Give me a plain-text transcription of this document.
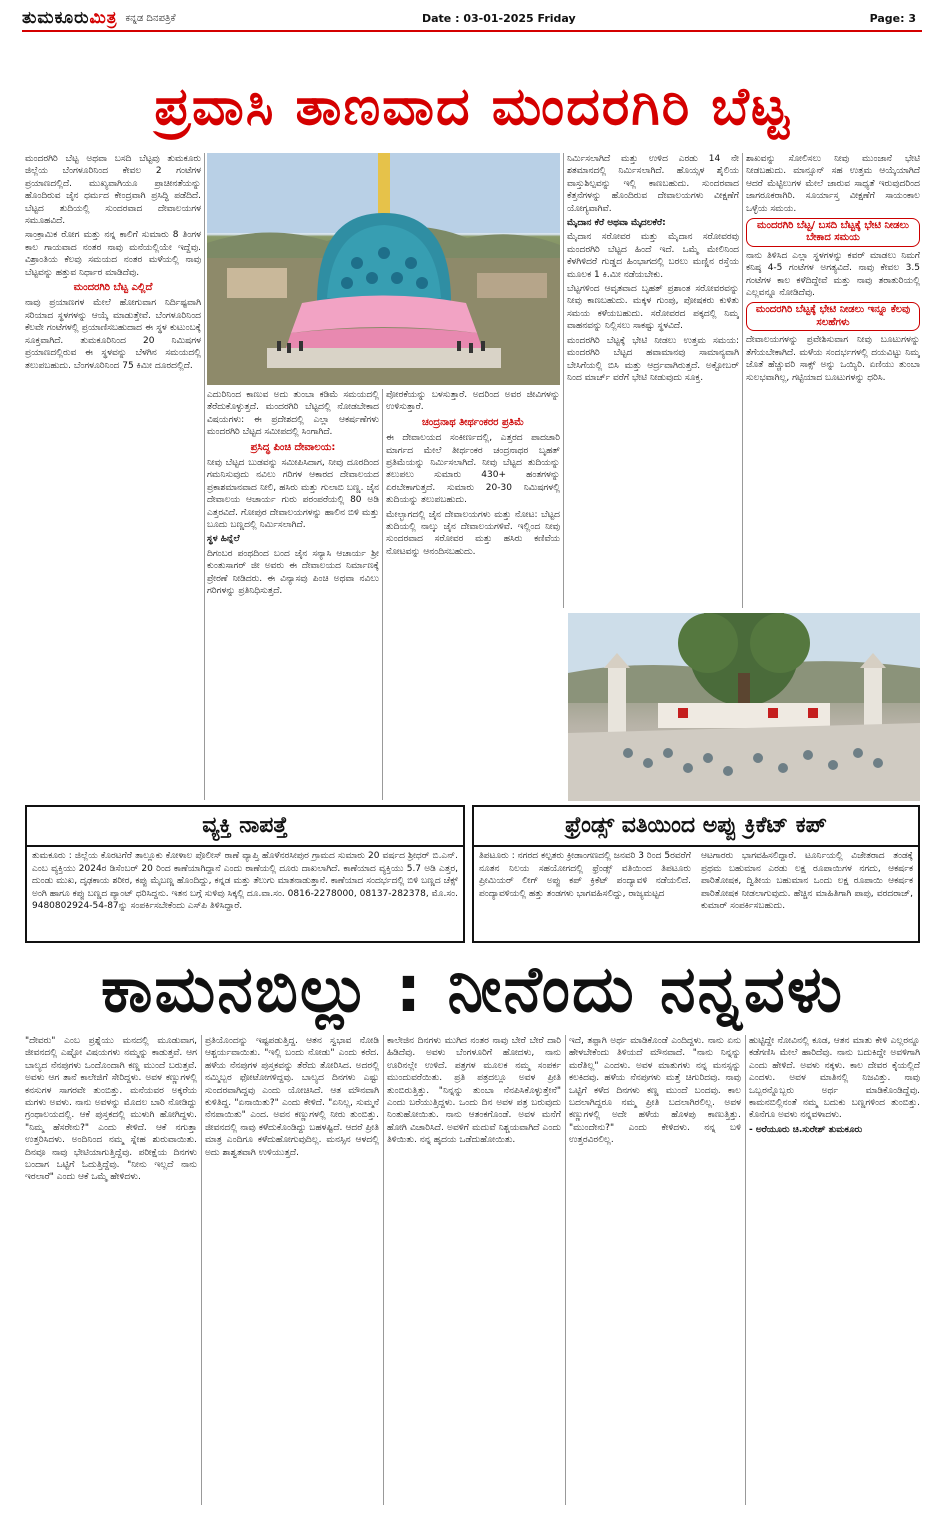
ತುಮಕೂರುಮಿತ್ರ ಕನ್ನಡ ದಿನಪತ್ರಿಕೆ	Date : 03-01-2025 Friday	Page: 3
ಪ್ರವಾಸಿ ತಾಣವಾದ ಮಂದರಗಿರಿ ಬೆಟ್ಟ

ಮಂದರಗಿರಿ ಬೆಟ್ಟ ಅಥವಾ ಬಸದಿ ಬೆಟ್ಟವು ತುಮಕೂರು ಜಿಲ್ಲೆಯ ಬೆಂಗಳೂರಿನಿಂದ ಕೇವಲ 2 ಗಂಟೆಗಳ ಪ್ರಯಾಣದಲ್ಲಿದೆ. ಮುಖ್ಯವಾಗಿಯೂ ಪ್ರಾಚೀನತೆಯನ್ನು ಹೊಂದಿರುವ ಜೈನ ಧರ್ಮದ ಕೇಂದ್ರವಾಗಿ ಪ್ರಸಿದ್ಧಿ ಪಡೆದಿದೆ. ಬೆಟ್ಟದ ತುದಿಯಲ್ಲಿ ಸುಂದರವಾದ ದೇವಾಲಯಗಳ ಸಮೂಹವಿದೆ.

ಸಾಂಕ್ರಾಮಿಕ ರೋಗ ಮತ್ತು ನನ್ನ ಕಾಲಿಗೆ ಸುಮಾರು 8 ತಿಂಗಳ ಕಾಲ ಗಾಯವಾದ ನಂತರ ನಾವು ಮನೆಯಲ್ಲಿಯೇ ಇದ್ದೆವು. ವಿಶ್ರಾಂತಿಯ ಕೆಲವು ಸಮಯದ ನಂತರ ಮಳೆಯಲ್ಲಿ ನಾವು ಬೆಟ್ಟವನ್ನು ಹತ್ತುವ ನಿರ್ಧಾರ ಮಾಡಿದೆವು.

ಮಂದರಗಿರಿ ಬೆಟ್ಟ ಎಲ್ಲಿದೆ

ನಾವು ಪ್ರಯಾಣಗಳ ಮೇಲೆ ಹೋಗುವಾಗ ನಿರ್ದಿಷ್ಟವಾಗಿ ಸರಿಯಾದ ಸ್ಥಳಗಳನ್ನು ಆಯ್ಕೆ ಮಾಡುತ್ತೇವೆ. ಬೆಂಗಳೂರಿನಿಂದ ಕೆಲವೇ ಗಂಟೆಗಳಲ್ಲಿ ಪ್ರಯಾಣಿಸಬಹುದಾದ ಈ ಸ್ಥಳ ಕುಟುಂಬಕ್ಕೆ ಸೂಕ್ತವಾಗಿದೆ. ತುಮಕೂರಿನಿಂದ 20 ನಿಮಿಷಗಳ ಪ್ರಯಾಣದಲ್ಲಿರುವ ಈ ಸ್ಥಳವನ್ನು ಬೆಳಗಿನ ಸಮಯದಲ್ಲಿ ತಲುಪಬಹುದು. ಬೆಂಗಳೂರಿನಿಂದ 75 ಕಿಮೀ ದೂರದಲ್ಲಿದೆ.

ಎದುರಿನಿಂದ ಕಾಣುವ ಅದು ತುಂಬಾ ಕಡಿಮೆ ಸಮಯದಲ್ಲಿ ತೆರೆದುಕೊಳ್ಳುತ್ತದೆ. ಮಂದರಗಿರಿ ಬೆಟ್ಟದಲ್ಲಿ ನೋಡಬೇಕಾದ ವಿಷಯಗಳು: ಈ ಪ್ರದೇಶದಲ್ಲಿ ಎಲ್ಲಾ ಆಕರ್ಷಣೆಗಳು ಮಂದರಗಿರಿ ಬೆಟ್ಟದ ಸಮೀಪದಲ್ಲಿ ಸಿಂಗಾಗಿದೆ.

ಪ್ರಸಿದ್ಧ ಪಿಂಚಿ ದೇವಾಲಯ:

ನೀವು ಬೆಟ್ಟದ ಬುಡವನ್ನು ಸಮೀಪಿಸಿದಾಗ, ನೀವು ದೂರದಿಂದ ಗಮನಿಸುವುದು ನವಿಲು ಗರಿಗಳ ಆಕಾರದ ದೇವಾಲಯದ ಪ್ರಕಾಶಮಾನವಾದ ನೀಲಿ, ಹಸಿರು ಮತ್ತು ಗುಲಾಬಿ ಬಣ್ಣ. ಜೈನ ದೇವಾಲಯ ಆಚಾರ್ಯ ಗುರು ಪರಂಪರೆಯಲ್ಲಿ 80 ಅಡಿ ಎತ್ತರವಿದೆ. ಗೋಪುರ ದೇವಾಲಯಗಳನ್ನು ಹಾಲಿನ ಬಿಳಿ ಮತ್ತು ಬೂದು ಬಣ್ಣದಲ್ಲಿ ನಿರ್ಮಿಸಲಾಗಿದೆ.

ಸ್ಥಳ ಹಿನ್ನೆಲೆ

ದಿಗಂಬರ ಪಂಥದಿಂದ ಬಂದ ಜೈನ ಸನ್ಯಾಸಿ ಆಚಾರ್ಯ ಶ್ರೀ ಕುಂತುಸಾಗರ್ ಜೀ ಅವರು ಈ ದೇವಾಲಯದ ನಿರ್ಮಾಣಕ್ಕೆ ಪ್ರೇರಣೆ ನೀಡಿದರು. ಈ ವಿನ್ಯಾಸವು ಪಿಂಚಿ ಅಥವಾ ನವಿಲು ಗರಿಗಳನ್ನು ಪ್ರತಿನಿಧಿಸುತ್ತದೆ.

ಪೋರಕೆಯನ್ನು ಬಳಸುತ್ತಾರೆ. ಅದರಿಂದ ಅವರ ಜೀವಿಗಳನ್ನು ಉಳಿಸುತ್ತಾರೆ.

ಚಂದ್ರನಾಥ ತೀರ್ಥಂಕರರ ಪ್ರತಿಮೆ

ಈ ದೇವಾಲಯದ ಸಂಕೀರ್ಣದಲ್ಲಿ, ಎತ್ತರದ ಪಾದಚಾರಿ ಮಾರ್ಗದ ಮೇಲೆ ತೀರ್ಥಂಕರ ಚಂದ್ರನಾಥರ ಬೃಹತ್ ಪ್ರತಿಮೆಯನ್ನು ನಿರ್ಮಿಸಲಾಗಿದೆ. ನೀವು ಬೆಟ್ಟದ ತುದಿಯನ್ನು ತಲುಪಲು ಸುಮಾರು 430+ ಹಂತಗಳನ್ನು ಏರಬೇಕಾಗುತ್ತದೆ. ಸುಮಾರು 20-30 ನಿಮಿಷಗಳಲ್ಲಿ ತುದಿಯನ್ನು ತಲುಪಬಹುದು.

ಮೇಲ್ಭಾಗದಲ್ಲಿ ಜೈನ ದೇವಾಲಯಗಳು ಮತ್ತು ನೋಟ: ಬೆಟ್ಟದ ತುದಿಯಲ್ಲಿ ನಾಲ್ಕು ಜೈನ ದೇವಾಲಯಗಳಿವೆ. ಇಲ್ಲಿಂದ ನೀವು ಸುಂದರವಾದ ಸರೋವರ ಮತ್ತು ಹಸಿರು ಕಣಿವೆಯ ನೋಟವನ್ನು ಆನಂದಿಸಬಹುದು.

ನಿರ್ಮಿಸಲಾಗಿದೆ ಮತ್ತು ಉಳಿದ ಎರಡು 14 ನೇ ಶತಮಾನದಲ್ಲಿ ನಿರ್ಮಿಸಲಾಗಿದೆ. ಹೊಯ್ಸಳ ಶೈಲಿಯ ವಾಸ್ತುಶಿಲ್ಪವನ್ನು ಇಲ್ಲಿ ಕಾಣಬಹುದು. ಸುಂದರವಾದ ಕೆತ್ತನೆಗಳನ್ನು ಹೊಂದಿರುವ ದೇವಾಲಯಗಳು ವೀಕ್ಷಣೆಗೆ ಯೋಗ್ಯವಾಗಿವೆ.

ಮೈದಾನ ಕೆರೆ ಅಥವಾ ಮೈದಲಕೆರೆ:

ಮೈದಾನ ಸರೋವರ ಮತ್ತು ಮೈದಾನ ಸರೋವರವು ಮಂದರಗಿರಿ ಬೆಟ್ಟದ ಹಿಂದೆ ಇದೆ. ಒಮ್ಮೆ ಮೇಲಿನಿಂದ ಕೆಳಗಿಳಿದರೆ ಗುಡ್ಡದ ಹಿಂಭಾಗದಲ್ಲಿ ಬರಲು ಮಣ್ಣಿನ ರಸ್ತೆಯ ಮೂಲಕ 1 ಕಿ.ಮೀ ನಡೆಯಬೇಕು.

ಬೆಟ್ಟಗಳಿಂದ ಆವೃತವಾದ ಬೃಹತ್ ಪ್ರಶಾಂತ ಸರೋವರವನ್ನು ನೀವು ಕಾಣಬಹುದು. ಮಕ್ಕಳ ಗುಂಪು, ಪೋಷಕರು ಕುಳಿತು ಸಮಯ ಕಳೆಯಬಹುದು. ಸರೋವರದ ಪಕ್ಕದಲ್ಲಿ ನಿಮ್ಮ ವಾಹನವನ್ನು ನಿಲ್ಲಿಸಲು ಸಾಕಷ್ಟು ಸ್ಥಳವಿದೆ.

ಮಂದರಗಿರಿ ಬೆಟ್ಟಕ್ಕೆ ಭೇಟಿ ನೀಡಲು ಉತ್ತಮ ಸಮಯ: ಮಂದರಗಿರಿ ಬೆಟ್ಟದ ಹವಾಮಾನವು ಸಾಮಾನ್ಯವಾಗಿ ಬೇಸಿಗೆಯಲ್ಲಿ ಬಿಸಿ ಮತ್ತು ಆರ್ದ್ರವಾಗಿರುತ್ತದೆ. ಅಕ್ಟೋಬರ್ ನಿಂದ ಮಾರ್ಚ್ ವರೆಗೆ ಭೇಟಿ ನೀಡುವುದು ಸೂಕ್ತ.

ಶಾಖವನ್ನು ಸೋಲಿಸಲು ನೀವು ಮುಂಜಾನೆ ಭೇಟಿ ನೀಡಬಹುದು. ಮಾನ್ಸೂನ್ ಸಹ ಉತ್ತಮ ಆಯ್ಕೆಯಾಗಿದೆ ಆದರೆ ಮೆಟ್ಟಿಲುಗಳ ಮೇಲೆ ಜಾರುವ ಸಾಧ್ಯತೆ ಇರುವುದರಿಂದ ಜಾಗರೂಕರಾಗಿರಿ. ಸೂರ್ಯಾಸ್ತ ವೀಕ್ಷಣೆಗೆ ಸಾಯಂಕಾಲ ಒಳ್ಳೆಯ ಸಮಯ.

ಮಂದರಗಿರಿ ಬೆಟ್ಟ/ ಬಸದಿ ಬೆಟ್ಟಕ್ಕೆ ಭೇಟಿ ನೀಡಲು ಬೇಕಾದ ಸಮಯ

ನಾನು ತಿಳಿಸಿದ ಎಲ್ಲಾ ಸ್ಥಳಗಳನ್ನು ಕವರ್ ಮಾಡಲು ನಿಮಗೆ ಕನಿಷ್ಠ 4-5 ಗಂಟೆಗಳ ಅಗತ್ಯವಿದೆ. ನಾವು ಕೇವಲ 3.5 ಗಂಟೆಗಳ ಕಾಲ ಕಳೆದಿದ್ದೇವೆ ಮತ್ತು ನಾವು ತರಾತುರಿಯಲ್ಲಿ ಎಲ್ಲವನ್ನೂ ನೋಡಿದೆವು.

ಮಂದರಗಿರಿ ಬೆಟ್ಟಕ್ಕೆ ಭೇಟಿ ನೀಡಲು ಇನ್ನೂ ಕೆಲವು ಸಲಹೆಗಳು

ದೇವಾಲಯಗಳನ್ನು ಪ್ರವೇಶಿಸುವಾಗ ನೀವು ಬೂಟುಗಳನ್ನು ತೆಗೆಯಬೇಕಾಗಿದೆ. ಮಳೆಯ ಸಂದರ್ಭಗಳಲ್ಲಿ ದಯವಿಟ್ಟು ನಿಮ್ಮ ಜೊತೆ ಹೆಚ್ಚುವರಿ ಸಾಕ್ಸ್ ಅನ್ನು ಒಯ್ಯಿರಿ. ಏಣಿಯು ತುಂಬಾ ಸುಲಭವಾಗಿಲ್ಲ, ಗಟ್ಟಿಯಾದ ಬೂಟುಗಳನ್ನು ಧರಿಸಿ.

ವ್ಯಕ್ತಿ ನಾಪತ್ತೆ
ತುಮಕೂರು : ಜಿಲ್ಲೆಯ ಕೊರಟಗೆರೆ ತಾಲ್ಲೂಕು ಕೋಳಾಲ ಪೊಲೀಸ್ ಠಾಣೆ ವ್ಯಾಪ್ತಿ ಹೊಳೆನರಸೀಪುರ ಗ್ರಾಮದ ಸುಮಾರು 20 ವರ್ಷದ ಶ್ರೀಧರ್ ಬಿ.ಎನ್. ಎಂಬ ವ್ಯಕ್ತಿಯು 2024ರ ಡಿಸೆಂಬರ್ 20 ರಿಂದ ಕಾಣೆಯಾಗಿದ್ದಾನೆ ಎಂದು ಠಾಣೆಯಲ್ಲಿ ದೂರು ದಾಖಲಾಗಿದೆ. ಕಾಣೆಯಾದ ವ್ಯಕ್ತಿಯು 5.7 ಅಡಿ ಎತ್ತರ, ದುಂಡು ಮುಖ, ದೃಢಕಾಯ ಶರೀರ, ಕಪ್ಪು ಮೈಬಣ್ಣ ಹೊಂದಿದ್ದು, ಕನ್ನಡ ಮತ್ತು ತೆಲುಗು ಮಾತನಾಡುತ್ತಾನೆ. ಕಾಣೆಯಾದ ಸಂದರ್ಭದಲ್ಲಿ ಬಿಳಿ ಬಣ್ಣದ ಚೆಕ್ಸ್ ಅಂಗಿ ಹಾಗೂ ಕಪ್ಪು ಬಣ್ಣದ ಪ್ಯಾಂಟ್ ಧರಿಸಿದ್ದನು. ಇತನ ಬಗ್ಗೆ ಸುಳಿವು ಸಿಕ್ಕಲ್ಲಿ ದೂ.ವಾ.ಸಂ. 0816-2278000, 08137-282378, ಮೊ.ಸಂ. 9480802924-54-87ನ್ನು ಸಂಪರ್ಕಿಸಬೇಕೆಂದು ಎಸ್‌ಪಿ ತಿಳಿಸಿದ್ದಾರೆ.
ಫ್ರೆಂಡ್ಸ್ ವತಿಯಿಂದ ಅಪ್ಪು ಕ್ರಿಕೆಟ್ ಕಪ್
ತಿಪಟೂರು : ನಗರದ ಕಲ್ಪತರು ಕ್ರೀಡಾಂಗಣದಲ್ಲಿ ಜನವರಿ 3 ರಿಂದ 5ರವರೆಗೆ ನೂತನ ನಿಲಯ ಸಹಯೋಗದಲ್ಲಿ ಫ್ರೆಂಡ್ಸ್ ವತಿಯಿಂದ ತಿಪಟೂರು ಪ್ರೀಮಿಯರ್ ಲೀಗ್ ಅಪ್ಪು ಕಪ್ ಕ್ರಿಕೆಟ್ ಪಂದ್ಯಾವಳಿ ನಡೆಯಲಿದೆ. ಪಂದ್ಯಾವಳಿಯಲ್ಲಿ ಹತ್ತು ತಂಡಗಳು ಭಾಗವಹಿಸಲಿದ್ದು, ರಾಜ್ಯಮಟ್ಟದ
ಆಟಗಾರರು ಭಾಗವಹಿಸಲಿದ್ದಾರೆ. ಟೂರ್ನಿಯಲ್ಲಿ ವಿಜೇತರಾದ ತಂಡಕ್ಕೆ ಪ್ರಥಮ ಬಹುಮಾನ ಎರಡು ಲಕ್ಷ ರೂಪಾಯಿಗಳ ನಗದು, ಆಕರ್ಷಕ ಪಾರಿತೋಷಕ, ದ್ವಿತೀಯ ಬಹುಮಾನ ಒಂದು ಲಕ್ಷ ರೂಪಾಯಿ ಆಕರ್ಷಕ ಪಾರಿತೋಷಕ ನೀಡಲಾಗುವುದು. ಹೆಚ್ಚಿನ ಮಾಹಿತಿಗಾಗಿ ಪಾಪು, ವರದರಾಜ್, ಕುಮಾರ್ ಸಂಪರ್ಕಿಸಬಹುದು.
ಕಾಮನಬಿಲ್ಲು : ನೀನೆಂದು ನನ್ನವಳು

"ದೇವರು" ಎಂಬ ಪ್ರಶ್ನೆಯು ಮನದಲ್ಲಿ ಮೂಡುವಾಗ, ಜೀವನದಲ್ಲಿ ಎಷ್ಟೋ ವಿಷಯಗಳು ನಮ್ಮನ್ನು ಕಾಡುತ್ತವೆ. ಆಗ ಬಾಲ್ಯದ ನೆನಪುಗಳು ಒಂದೊಂದಾಗಿ ಕಣ್ಣ ಮುಂದೆ ಬರುತ್ತವೆ. ಅವಳು ಆಗ ತಾನೆ ಕಾಲೇಜಿಗೆ ಸೇರಿದ್ದಳು. ಅವಳ ಕಣ್ಣುಗಳಲ್ಲಿ ಕನಸುಗಳ ಸಾಗರವೇ ತುಂಬಿತ್ತು. ಮನೆಯವರ ಅಕ್ಕರೆಯ ಮಗಳು ಅವಳು. ನಾನು ಅವಳನ್ನು ಮೊದಲ ಬಾರಿ ನೋಡಿದ್ದು ಗ್ರಂಥಾಲಯದಲ್ಲಿ. ಆಕೆ ಪುಸ್ತಕದಲ್ಲಿ ಮುಳುಗಿ ಹೋಗಿದ್ದಳು. "ನಿಮ್ಮ ಹೆಸರೇನು?" ಎಂದು ಕೇಳಿದೆ. ಆಕೆ ನಗುತ್ತಾ ಉತ್ತರಿಸಿದಳು. ಅಂದಿನಿಂದ ನಮ್ಮ ಸ್ನೇಹ ಶುರುವಾಯಿತು. ದಿನವೂ ನಾವು ಭೇಟಿಯಾಗುತ್ತಿದ್ದೆವು. ಪರೀಕ್ಷೆಯ ದಿನಗಳು ಬಂದಾಗ ಒಟ್ಟಿಗೆ ಓದುತ್ತಿದ್ದೆವು. "ನೀನು ಇಲ್ಲದೆ ನಾನು ಇರಲಾರೆ" ಎಂದು ಆಕೆ ಒಮ್ಮೆ ಹೇಳಿದಳು.

ಪ್ರತಿಯೊಂದನ್ನು ಇಷ್ಟಪಡುತ್ತಿದ್ದ. ಆತನ ಸ್ವಭಾವ ನೋಡಿ ಆಶ್ಚರ್ಯವಾಯಿತು. "ಇಲ್ಲಿ ಬಂದು ನೋಡು" ಎಂದು ಕರೆದ. ಹಳೆಯ ನೆನಪುಗಳ ಪುಸ್ತಕವನ್ನು ತೆರೆದು ತೋರಿಸಿದ. ಅದರಲ್ಲಿ ನಮ್ಮಿಬ್ಬರ ಫೋಟೋಗಳಿದ್ದವು. ಬಾಲ್ಯದ ದಿನಗಳು ಎಷ್ಟು ಸುಂದರವಾಗಿದ್ದವು ಎಂದು ಯೋಚಿಸಿದೆ. ಆತ ಮೌನವಾಗಿ ಕುಳಿತಿದ್ದ. "ಏನಾಯಿತು?" ಎಂದು ಕೇಳಿದೆ. "ಏನಿಲ್ಲ, ಸುಮ್ಮನೆ ನೆನಪಾಯಿತು" ಎಂದ. ಅವನ ಕಣ್ಣುಗಳಲ್ಲಿ ನೀರು ತುಂಬಿತ್ತು. ಜೀವನದಲ್ಲಿ ನಾವು ಕಳೆದುಕೊಂಡಿದ್ದು ಬಹಳಷ್ಟಿದೆ. ಆದರೆ ಪ್ರೀತಿ ಮಾತ್ರ ಎಂದಿಗೂ ಕಳೆದುಹೋಗುವುದಿಲ್ಲ. ಮನಸ್ಸಿನ ಆಳದಲ್ಲಿ ಅದು ಶಾಶ್ವತವಾಗಿ ಉಳಿಯುತ್ತದೆ.

ಕಾಲೇಜಿನ ದಿನಗಳು ಮುಗಿದ ನಂತರ ನಾವು ಬೇರೆ ಬೇರೆ ದಾರಿ ಹಿಡಿದೆವು. ಅವಳು ಬೆಂಗಳೂರಿಗೆ ಹೋದಳು, ನಾನು ಊರಿನಲ್ಲೇ ಉಳಿದೆ. ಪತ್ರಗಳ ಮೂಲಕ ನಮ್ಮ ಸಂಪರ್ಕ ಮುಂದುವರೆಯಿತು. ಪ್ರತಿ ಪತ್ರದಲ್ಲೂ ಅವಳ ಪ್ರೀತಿ ತುಂಬಿರುತ್ತಿತ್ತು. "ನಿನ್ನನ್ನು ತುಂಬಾ ನೆನಪಿಸಿಕೊಳ್ಳುತ್ತೇನೆ" ಎಂದು ಬರೆಯುತ್ತಿದ್ದಳು. ಒಂದು ದಿನ ಅವಳ ಪತ್ರ ಬರುವುದು ನಿಂತುಹೋಯಿತು. ನಾನು ಆತಂಕಗೊಂಡೆ. ಅವಳ ಮನೆಗೆ ಹೋಗಿ ವಿಚಾರಿಸಿದೆ. ಅವಳಿಗೆ ಮದುವೆ ನಿಶ್ಚಯವಾಗಿದೆ ಎಂದು ತಿಳಿಯಿತು. ನನ್ನ ಹೃದಯ ಒಡೆದುಹೋಯಿತು.

ಇದೆ, ತಪ್ಪಾಗಿ ಅರ್ಥ ಮಾಡಿಕೊಂಡೆ ಎಂದಿದ್ದಳು. ನಾನು ಏನು ಹೇಳಬೇಕೆಂದು ತಿಳಿಯದೆ ಮೌನವಾದೆ. "ನಾನು ನಿನ್ನನ್ನು ಮರೆತಿಲ್ಲ" ಎಂದಳು. ಅವಳ ಮಾತುಗಳು ನನ್ನ ಮನಸ್ಸನ್ನು ಕಲಕಿದವು. ಹಳೆಯ ನೆನಪುಗಳು ಮತ್ತೆ ಚಿಗುರಿದವು. ನಾವು ಒಟ್ಟಿಗೆ ಕಳೆದ ದಿನಗಳು ಕಣ್ಣ ಮುಂದೆ ಬಂದವು. ಕಾಲ ಬದಲಾಗಿದ್ದರೂ ನಮ್ಮ ಪ್ರೀತಿ ಬದಲಾಗಿರಲಿಲ್ಲ. ಅವಳ ಕಣ್ಣುಗಳಲ್ಲಿ ಅದೇ ಹಳೆಯ ಹೊಳಪು ಕಾಣುತ್ತಿತ್ತು. "ಮುಂದೇನು?" ಎಂದು ಕೇಳಿದಳು. ನನ್ನ ಬಳಿ ಉತ್ತರವಿರಲಿಲ್ಲ.

ಹುಟ್ಟಿದ್ದೇ ನೋವಿನಲ್ಲಿ ಕೂಡ, ಆತನ ಮಾತು ಕೇಳಿ ಎಲ್ಲರನ್ನೂ ಕಡೆಗಣಿಸಿ ಮೇಲೆ ಹಾರಿದೆವು. ನಾನು ಬದುಕಿದ್ದೇ ಅವಳಿಗಾಗಿ ಎಂದು ಹೇಳಿದೆ. ಅವಳು ನಕ್ಕಳು. ಕಾಲ ದೇವರ ಕೈಯಲ್ಲಿದೆ ಎಂದಳು. ಅವಳ ಮಾತಿನಲ್ಲಿ ನಿಜವಿತ್ತು. ನಾವು ಒಬ್ಬರನ್ನೊಬ್ಬರು ಅರ್ಥ ಮಾಡಿಕೊಂಡಿದ್ದೆವು. ಕಾಮನಬಿಲ್ಲಿನಂತೆ ನಮ್ಮ ಬದುಕು ಬಣ್ಣಗಳಿಂದ ತುಂಬಿತ್ತು. ಕೊನೆಗೂ ಅವಳು ನನ್ನವಳಾದಳು.

- ಅರೆಯೂರು ಚಿ.ಸುರೇಶ್ ತುಮಕೂರು
